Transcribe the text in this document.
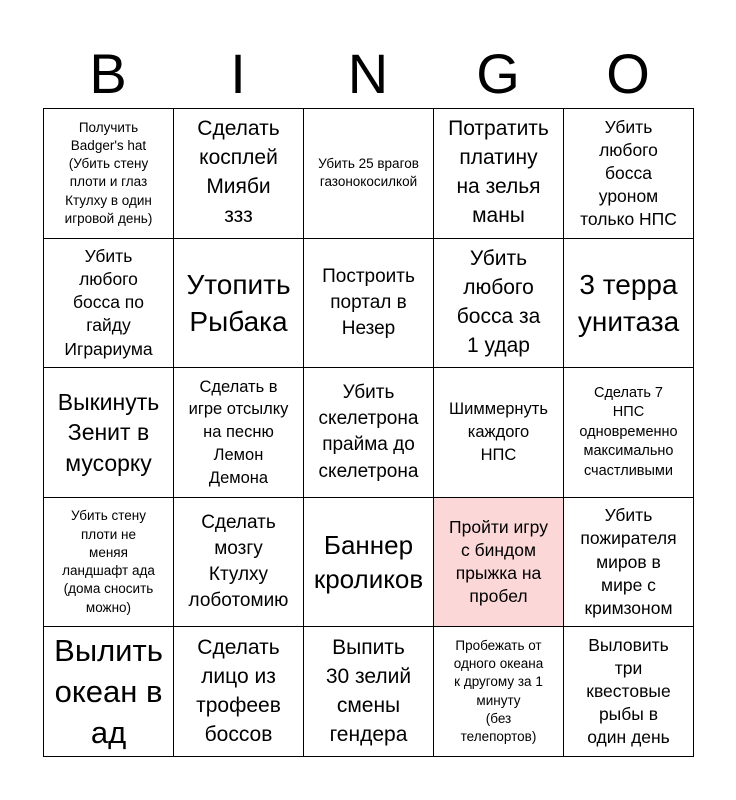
B	I	N	G	O
Получить
Badger's hat
(Убить стену
плоти и глаз
Ктулху в один
игровой день)
Сделать
косплей
Мияби
ззз
Убить 25 врагов
газонокосилкой
Потратить
платину
на зелья
маны
Убить
любого
босса
уроном
только НПС
Убить
любого
босса по
гайду
Играриума
Утопить
Рыбака
Построить
портал в
Незер
Убить
любого
босса за
1 удар
3 терра
унитаза
Выкинуть
Зенит в
мусорку
Сделать в
игре отсылку
на песню
Лемон
Демона
Убить
скелетрона
прайма до
скелетрона
Шиммернуть
каждого
НПС
Сделать 7
НПС
одновременно
максимально
счастливыми
Убить стену
плоти не
меняя
ландшафт ада
(дома сносить
можно)
Сделать
мозгу
Ктулху
лоботомию
Баннер
кроликов
Пройти игру
с биндом
прыжка на
пробел
Убить
пожирателя
миров в
мире с
кримзоном
Вылить
океан в
ад
Сделать
лицо из
трофеев
боссов
Выпить
30 зелий
смены
гендера
Пробежать от
одного океана
к другому за 1
минуту
(без
телепортов)
Выловить
три
квестовые
рыбы в
один день
